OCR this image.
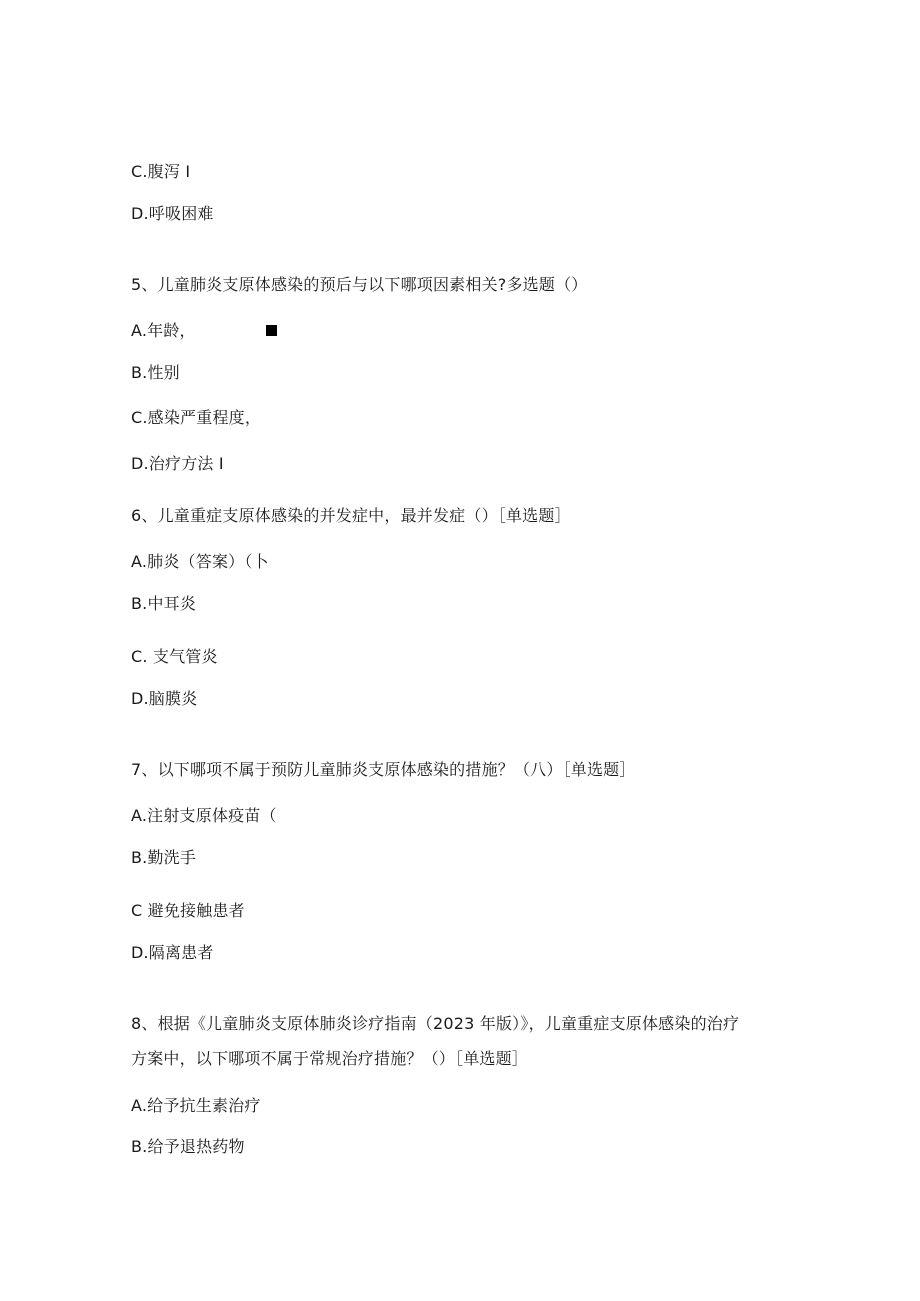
C.腹泻 I
D.呼吸困难
5、儿童肺炎支原体感染的预后与以下哪项因素相关?多选题（）
A.年龄，
B.性别
C.感染严重程度，
D.治疗方法 I
6、儿童重症支原体感染的并发症中，最并发症（）［单选题］
A.肺炎（答案）（卜
B.中耳炎
C. 支气管炎
D.脑膜炎
7、以下哪项不属于预防儿童肺炎支原体感染的措施？（八）［单选题］
A.注射支原体疫苗（
B.勤洗手
C 避免接触患者
D.隔离患者
8、根据《儿童肺炎支原体肺炎诊疗指南（2023 年版）》，儿童重症支原体感染的治疗
方案中，以下哪项不属于常规治疗措施？（）［单选题］
A.给予抗生素治疗
B.给予退热药物
